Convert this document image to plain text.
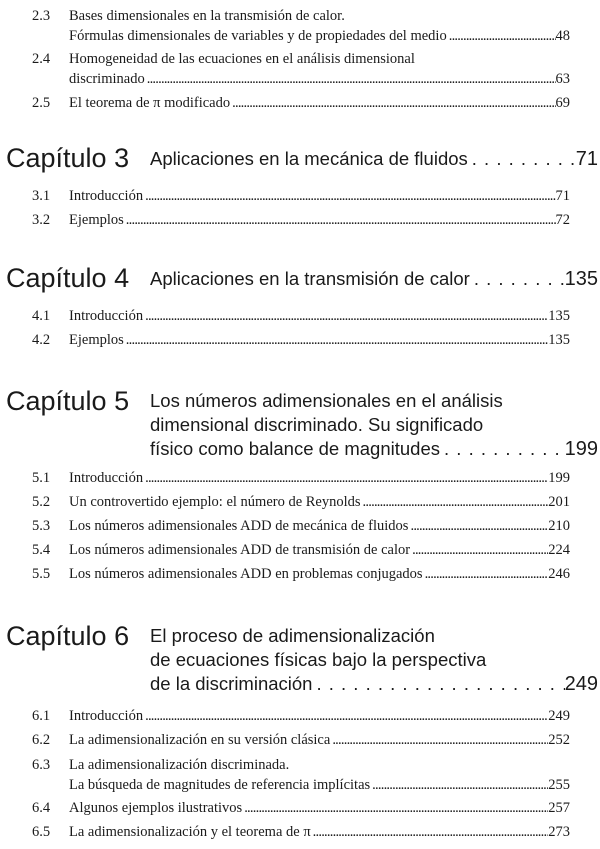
2.3	Bases dimensionales en la transmisión de calor.
Fórmulas dimensionales de variables y de propiedades del medio . . .	48
2.4	Homogeneidad de las ecuaciones en el análisis dimensional
discriminado . . .	63
2.5	El teorema de π modificado . . .	69
Capítulo 3 Aplicaciones en la mecánica de fluidos . . .	71
3.1	Introducción . . .	71
3.2	Ejemplos . . .	72
Capítulo 4 Aplicaciones en la transmisión de calor . . .	135
4.1	Introducción . . .	135
4.2	Ejemplos . . .	135
Capítulo 5 Los números adimensionales en el análisis
dimensional discriminado. Su significado
físico como balance de magnitudes . . .	199
5.1	Introducción . . .	199
5.2	Un controvertido ejemplo: el número de Reynolds . . .	201
5.3	Los números adimensionales ADD de mecánica de fluidos . . .	210
5.4	Los números adimensionales ADD de transmisión de calor . . .	224
5.5	Los números adimensionales ADD en problemas conjugados . . .	246
Capítulo 6 El proceso de adimensionalización
de ecuaciones físicas bajo la perspectiva
de la discriminación . . .	249
6.1	Introducción . . .	249
6.2	La adimensionalización en su versión clásica . . .	252
6.3	La adimensionalización discriminada.
La búsqueda de magnitudes de referencia implícitas . . .	255
6.4	Algunos ejemplos ilustrativos . . .	257
6.5	La adimensionalización y el teorema de π . . .	273
